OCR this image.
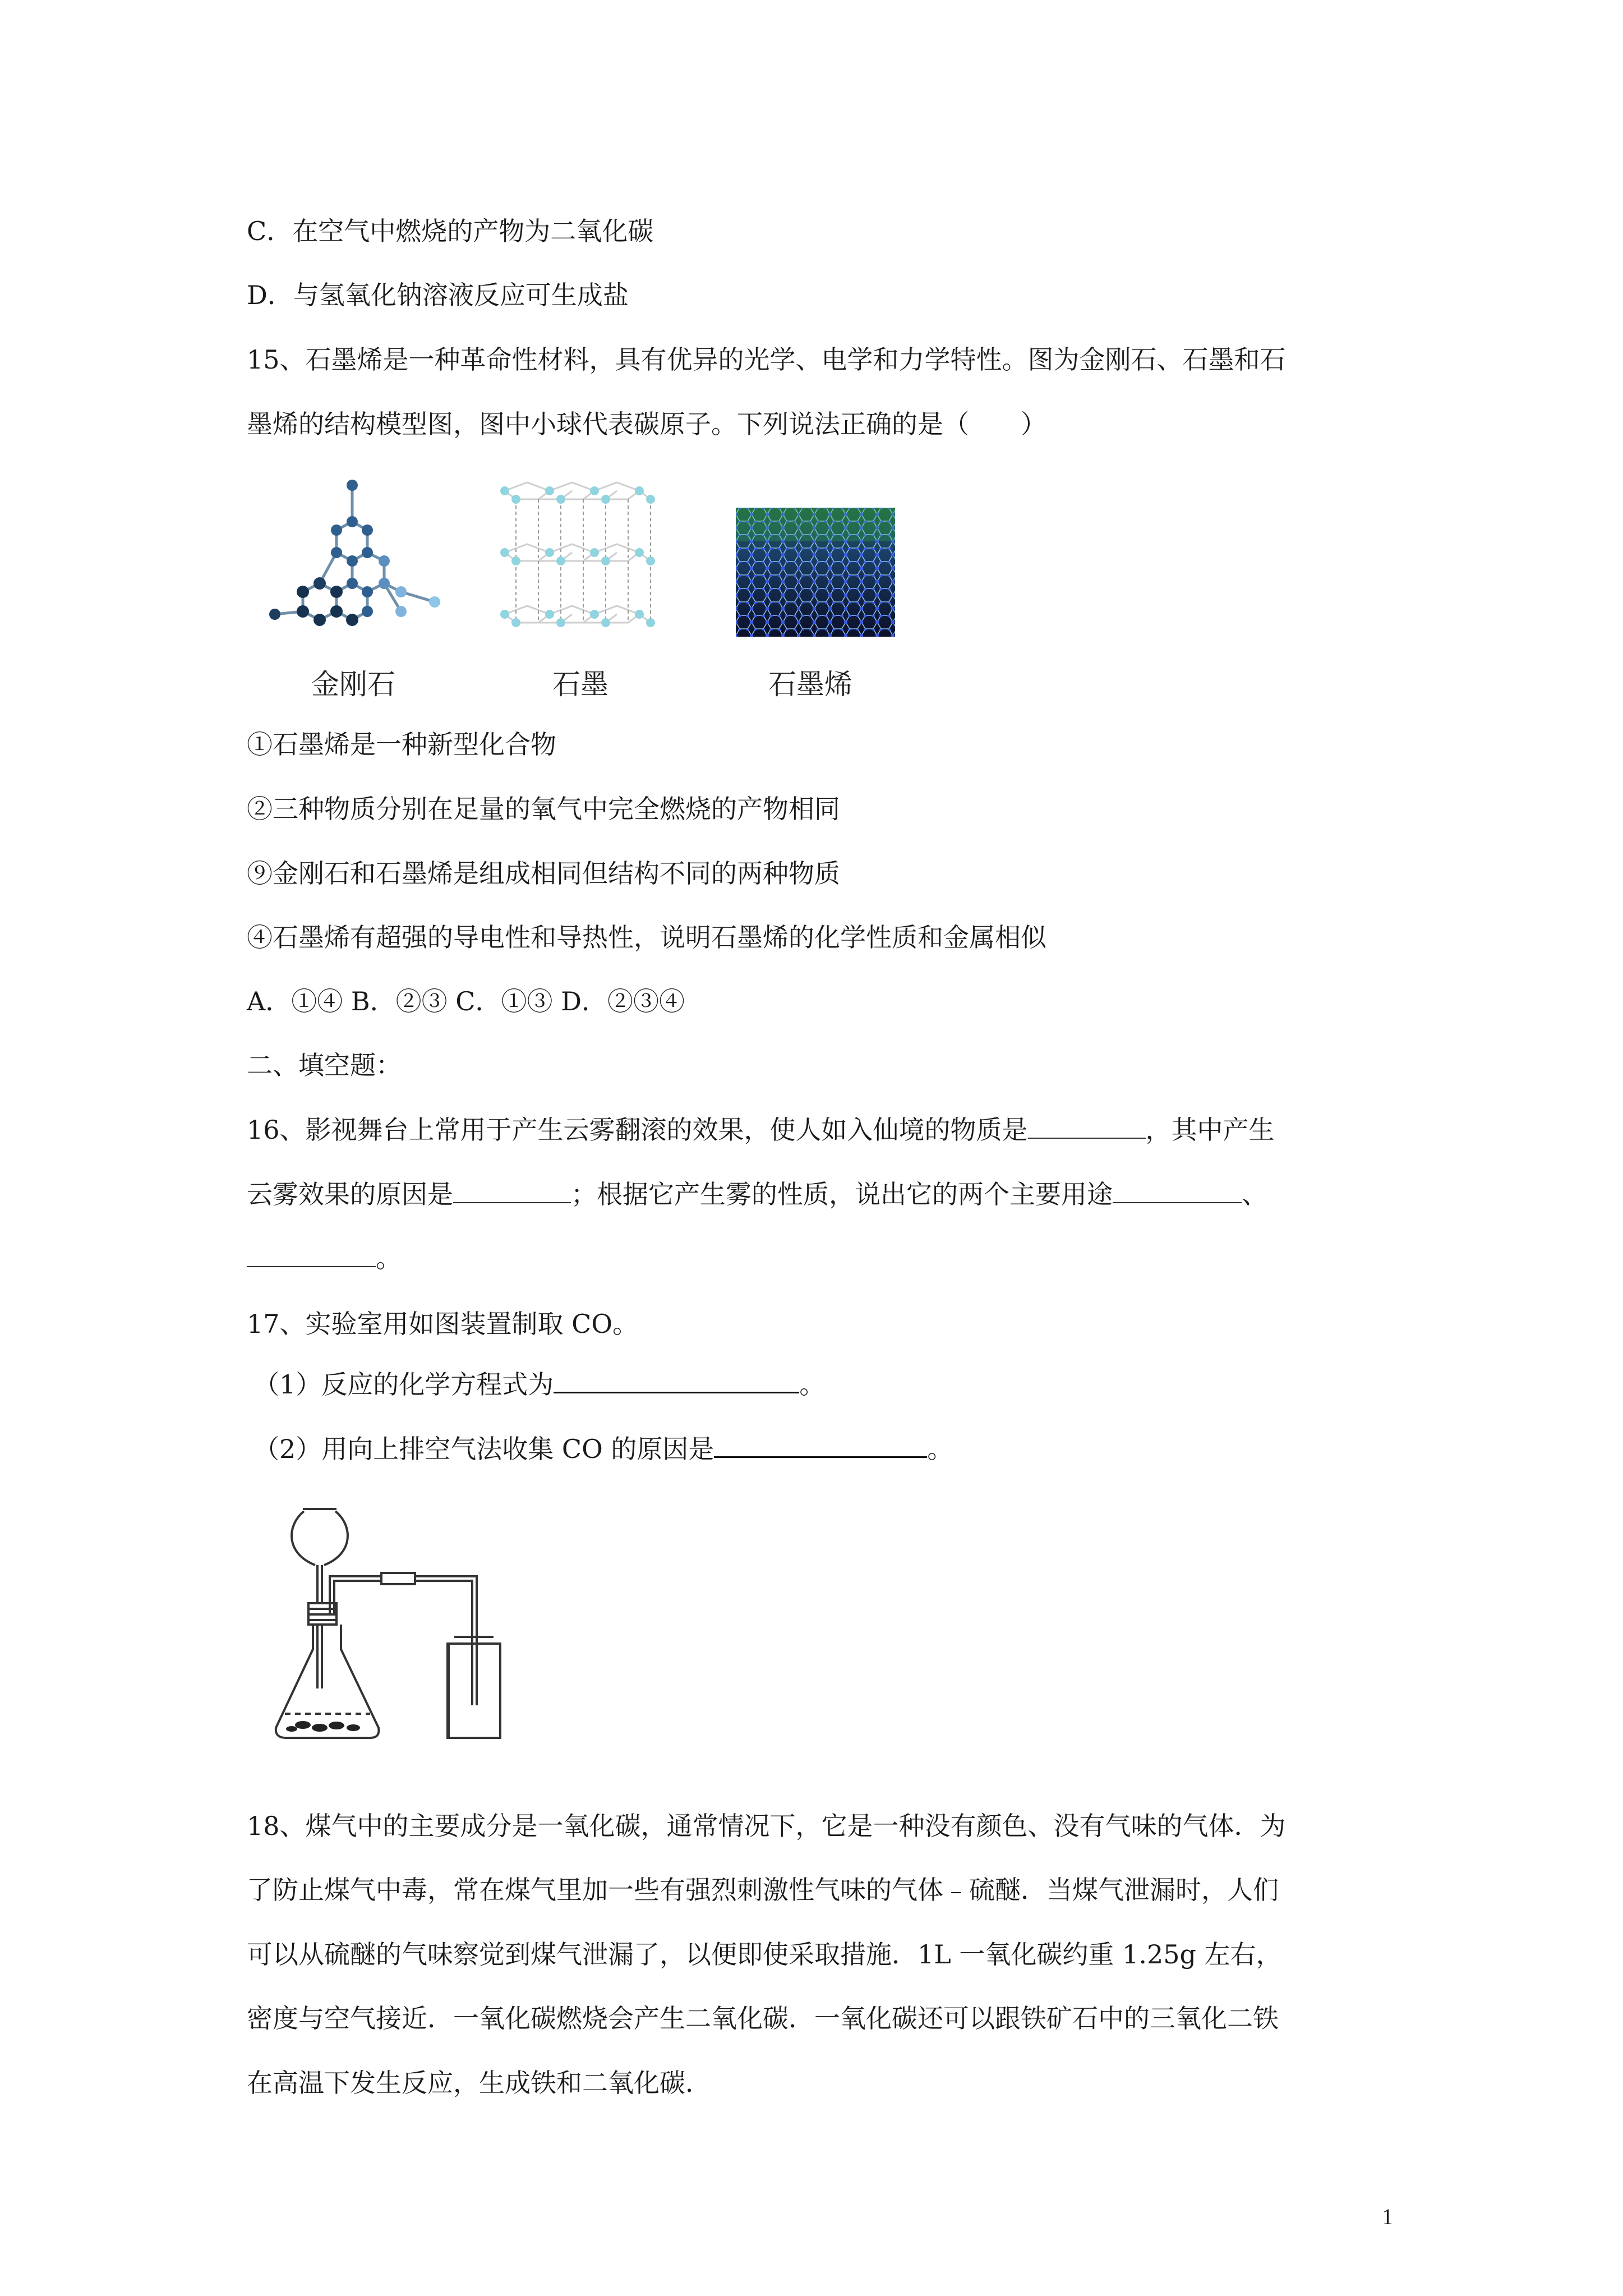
C．在空气中燃烧的产物为二氧化碳
D．与氢氧化钠溶液反应可生成盐
15、石墨烯是一种革命性材料，具有优异的光学、电学和力学特性。图为金刚石、石墨和石
墨烯的结构模型图，图中小球代表碳原子。下列说法正确的是（　　）
金刚石	石墨	石墨烯
①石墨烯是一种新型化合物
②三种物质分别在足量的氧气中完全燃烧的产物相同
⑨金刚石和石墨烯是组成相同但结构不同的两种物质
④石墨烯有超强的导电性和导热性，说明石墨烯的化学性质和金属相似
A．①④ B．②③ C．①③ D．②③④
二、填空题：
16、影视舞台上常用于产生云雾翻滚的效果，使人如入仙境的物质是	，其中产生
云雾效果的原因是	；根据它产生雾的性质，说出它的两个主要用途	、
。
17、实验室用如图装置制取 CO。
（1）反应的化学方程式为	。
（2）用向上排空气法收集 CO 的原因是	。
18、煤气中的主要成分是一氧化碳，通常情况下，它是一种没有颜色、没有气味的气体．为
了防止煤气中毒，常在煤气里加一些有强烈刺激性气味的气体﹣硫醚．当煤气泄漏时，人们
可以从硫醚的气味察觉到煤气泄漏了，以便即使采取措施．1L 一氧化碳约重 1.25g 左右，
密度与空气接近．一氧化碳燃烧会产生二氧化碳．一氧化碳还可以跟铁矿石中的三氧化二铁
在高温下发生反应，生成铁和二氧化碳．
1
